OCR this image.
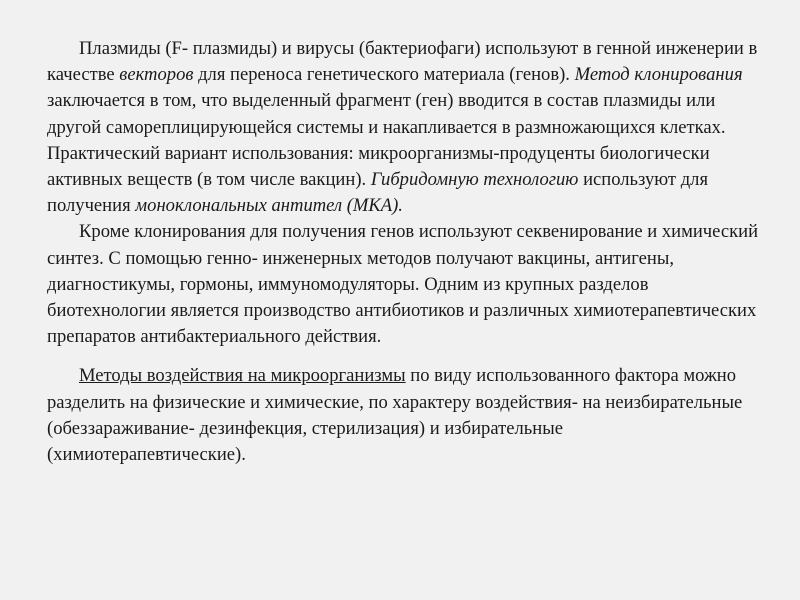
Плазмиды (F- плазмиды) и вирусы (бактериофаги) используют в генной инженерии в качестве векторов для переноса генетического материала (генов). Метод клонирования заключается в том, что выделенный фрагмент (ген) вводится в состав плазмиды или другой самореплицирующейся системы и накапливается в размножающихся клетках. Практический вариант использования: микроорганизмы-продуценты биологически активных веществ (в том числе вакцин). Гибридомную технологию используют для получения моноклональных антител (МКА).

Кроме клонирования для получения генов используют секвенирование и химический синтез. С помощью генно- инженерных методов получают вакцины, антигены, диагностикумы, гормоны, иммуномодуляторы. Одним из крупных разделов биотехнологии является производство антибиотиков и различных химиотерапевтических препаратов антибактериального действия.

Методы воздействия на микроорганизмы по виду использованного фактора можно разделить на физические и химические, по характеру воздействия- на неизбирательные (обеззараживание- дезинфекция, стерилизация) и избирательные (химиотерапевтические).
